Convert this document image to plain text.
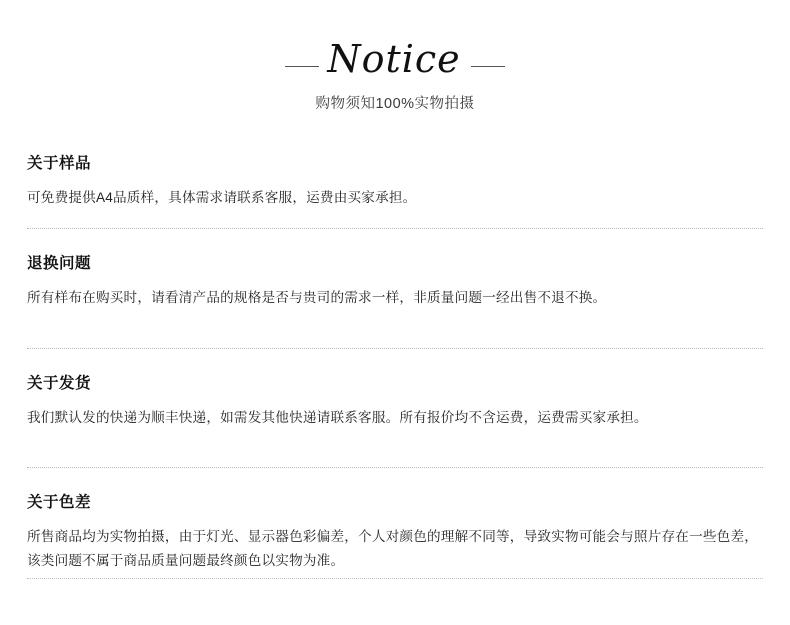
Notice
购物须知100%实物拍摄
关于样品
可免费提供A4品质样，具体需求请联系客服，运费由买家承担。
退换问题
所有样布在购买时，请看清产品的规格是否与贵司的需求一样，非质量问题一经出售不退不换。
关于发货
我们默认发的快递为顺丰快递，如需发其他快递请联系客服。所有报价均不含运费，运费需买家承担。
关于色差
所售商品均为实物拍摄，由于灯光、显示器色彩偏差，个人对颜色的理解不同等，导致实物可能会与照片存在一些色差，该类问题不属于商品质量问题最终颜色以实物为准。
